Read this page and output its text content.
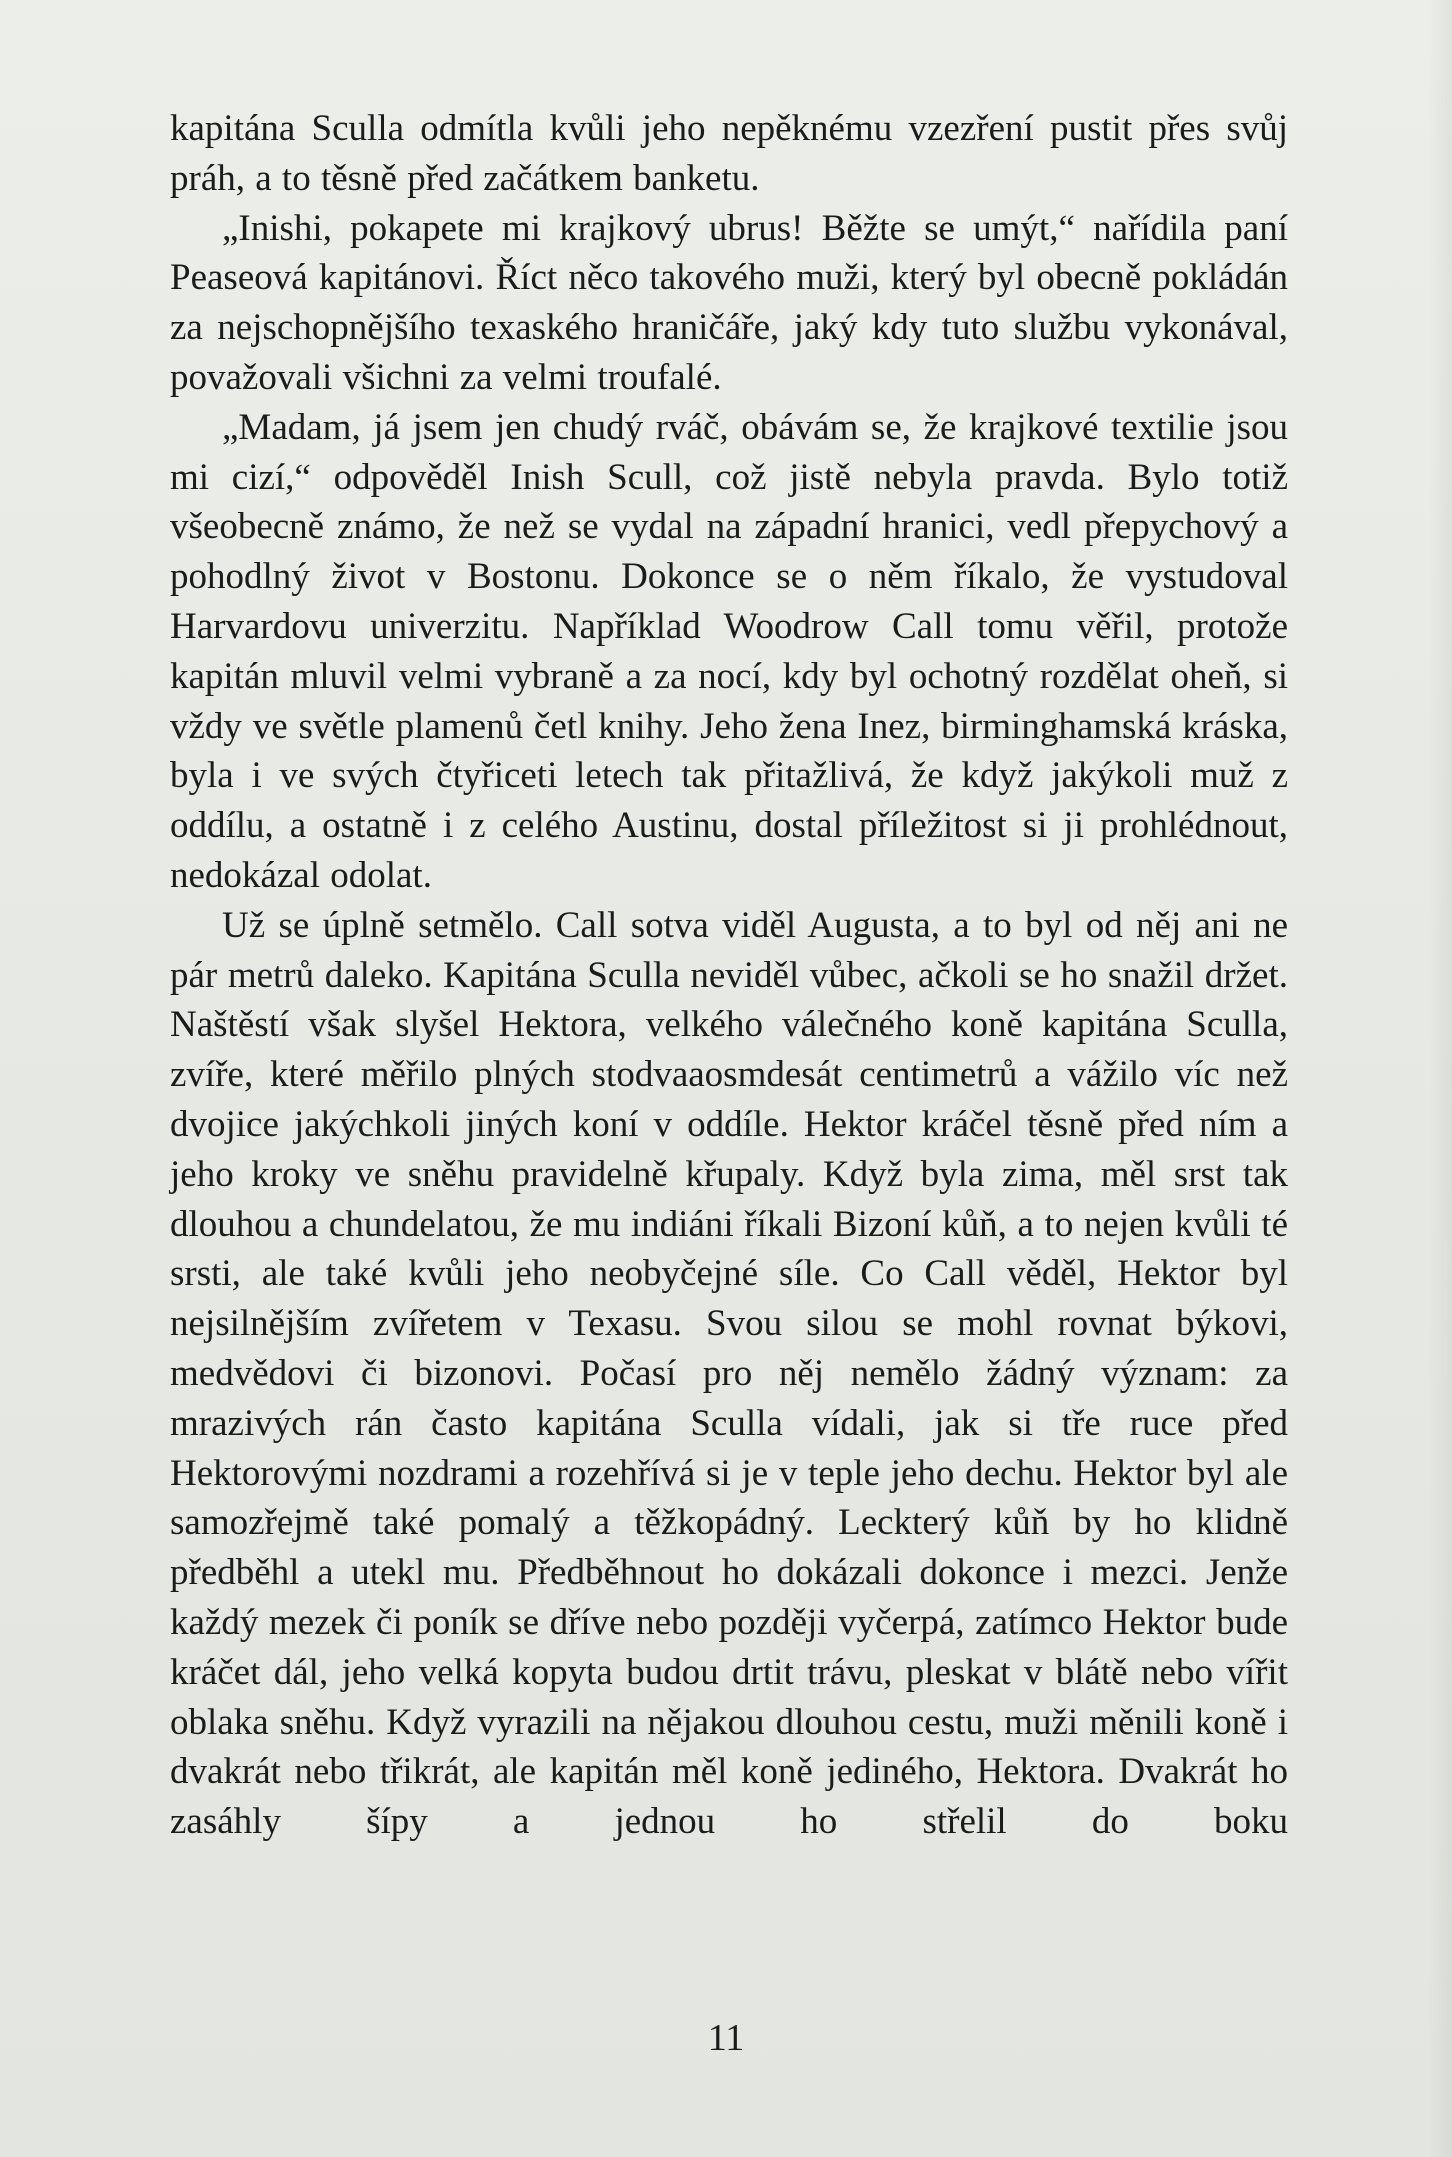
kapitána Sculla odmítla kvůli jeho nepěknému vzezření pustit přes svůj práh, a to těsně před začátkem banketu.

„Inishi, pokapete mi krajkový ubrus! Běžte se umýt,“ nařídila paní Peaseová kapitánovi. Říct něco takového muži, který byl obecně pokládán za nejschopnějšího texaského hraničáře, jaký kdy tuto službu vykonával, považovali všichni za velmi troufalé.

„Madam, já jsem jen chudý rváč, obávám se, že krajkové textilie jsou mi cizí,“ odpověděl Inish Scull, což jistě nebyla pravda. Bylo totiž všeobecně známo, že než se vydal na západní hranici, vedl přepychový a pohodlný život v Bostonu. Dokonce se o něm říkalo, že vystudoval Harvardovu univerzitu. Například Woodrow Call tomu věřil, protože kapitán mluvil velmi vybraně a za nocí, kdy byl ochotný rozdělat oheň, si vždy ve světle plamenů četl knihy. Jeho žena Inez, birminghamská kráska, byla i ve svých čtyřiceti letech tak přitažlivá, že když jakýkoli muž z oddílu, a ostatně i z celého Austinu, dostal příležitost si ji prohlédnout, nedokázal odolat.

Už se úplně setmělo. Call sotva viděl Augusta, a to byl od něj ani ne pár metrů daleko. Kapitána Sculla neviděl vůbec, ačkoli se ho snažil držet. Naštěstí však slyšel Hektora, velkého válečného koně kapitána Sculla, zvíře, které měřilo plných stodvaaosmdesát centimetrů a vážilo víc než dvojice jakýchkoli jiných koní v oddíle. Hektor kráčel těsně před ním a jeho kroky ve sněhu pravidelně křupaly. Když byla zima, měl srst tak dlouhou a chundelatou, že mu indiáni říkali Bizoní kůň, a to nejen kvůli té srsti, ale také kvůli jeho neobyčejné síle. Co Call věděl, Hektor byl nejsilnějším zvířetem v Texasu. Svou silou se mohl rovnat býkovi, medvědovi či bizonovi. Počasí pro něj nemělo žádný význam: za mrazivých rán často kapitána Sculla vídali, jak si tře ruce před Hektorovými nozdrami a rozehřívá si je v teple jeho dechu. Hektor byl ale samozřejmě také pomalý a těžkopádný. Leckterý kůň by ho klidně předběhl a utekl mu. Předběhnout ho dokázali dokonce i mezci. Jenže každý mezek či poník se dříve nebo později vyčerpá, zatímco Hektor bude kráčet dál, jeho velká kopyta budou drtit trávu, pleskat v blátě nebo vířit oblaka sněhu. Když vyrazili na nějakou dlouhou cestu, muži měnili koně i dvakrát nebo třikrát, ale kapitán měl koně jediného, Hektora. Dvakrát ho zasáhly šípy a jednou ho střelil do boku

11
